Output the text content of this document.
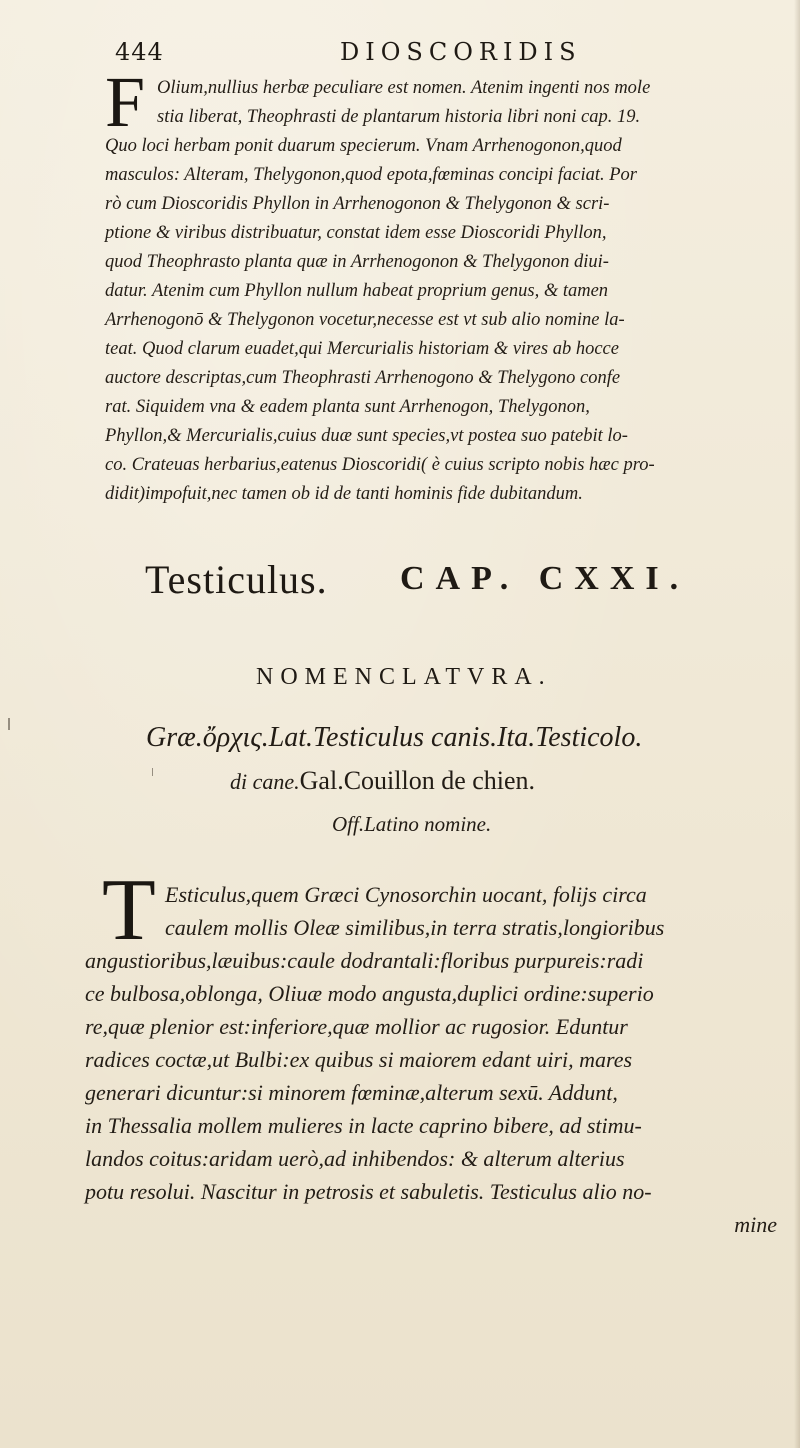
444	DIOSCORIDIS
F Olium,nullius herbæ peculiare est nomen. Atenim ingenti nos mole
stia liberat, Theophrasti de plantarum historia libri noni cap. 19.
Quo loci herbam ponit duarum specierum. Vnam Arrhenogonon,quod
masculos: Alteram, Thelygonon,quod epota,fœminas concipi faciat. Por
rò cum Dioscoridis Phyllon in Arrhenogonon & Thelygonon & scri-
ptione & viribus distribuatur, constat idem esse Dioscoridi Phyllon,
quod Theophrasto planta quæ in Arrhenogonon & Thelygonon diui-
datur. Atenim cum Phyllon nullum habeat proprium genus, & tamen
Arrhenogonō & Thelygonon vocetur,necesse est vt sub alio nomine la-
teat. Quod clarum euadet,qui Mercurialis historiam & vires ab hocce
auctore descriptas,cum Theophrasti Arrhenogono & Thelygono confe
rat. Siquidem vna & eadem planta sunt Arrhenogon, Thelygonon,
Phyllon,& Mercurialis,cuius duæ sunt species,vt postea suo patebit lo-
co. Crateuas herbarius,eatenus Dioscoridi( è cuius scripto nobis hæc pro-
didit)impofuit,nec tamen ob id de tanti hominis fide dubitandum.
Testiculus. CAP. CXXI.
NOMENCLATVRA.
Græ.ὄρχις.Lat.Testiculus canis.Ita.Testicolo.
di cane.Gal.Couillon de chien.
Off.Latino nomine.
T Esticulus,quem Græci Cynosorchin uocant, folijs circa
caulem mollis Oleæ similibus,in terra stratis,longioribus
angustioribus,læuibus:caule dodrantali:floribus purpureis:radi
ce bulbosa,oblonga, Oliuæ modo angusta,duplici ordine:superio
re,quæ plenior est:inferiore,quæ mollior ac rugosior. Eduntur
radices coctæ,ut Bulbi:ex quibus si maiorem edant uiri, mares
generari dicuntur:si minorem fœminæ,alterum sexū. Addunt,
in Thessalia mollem mulieres in lacte caprino bibere, ad stimu-
landos coitus:aridam uerò,ad inhibendos: & alterum alterius
potu resolui. Nascitur in petrosis et sabuletis. Testiculus alio no-
mine
